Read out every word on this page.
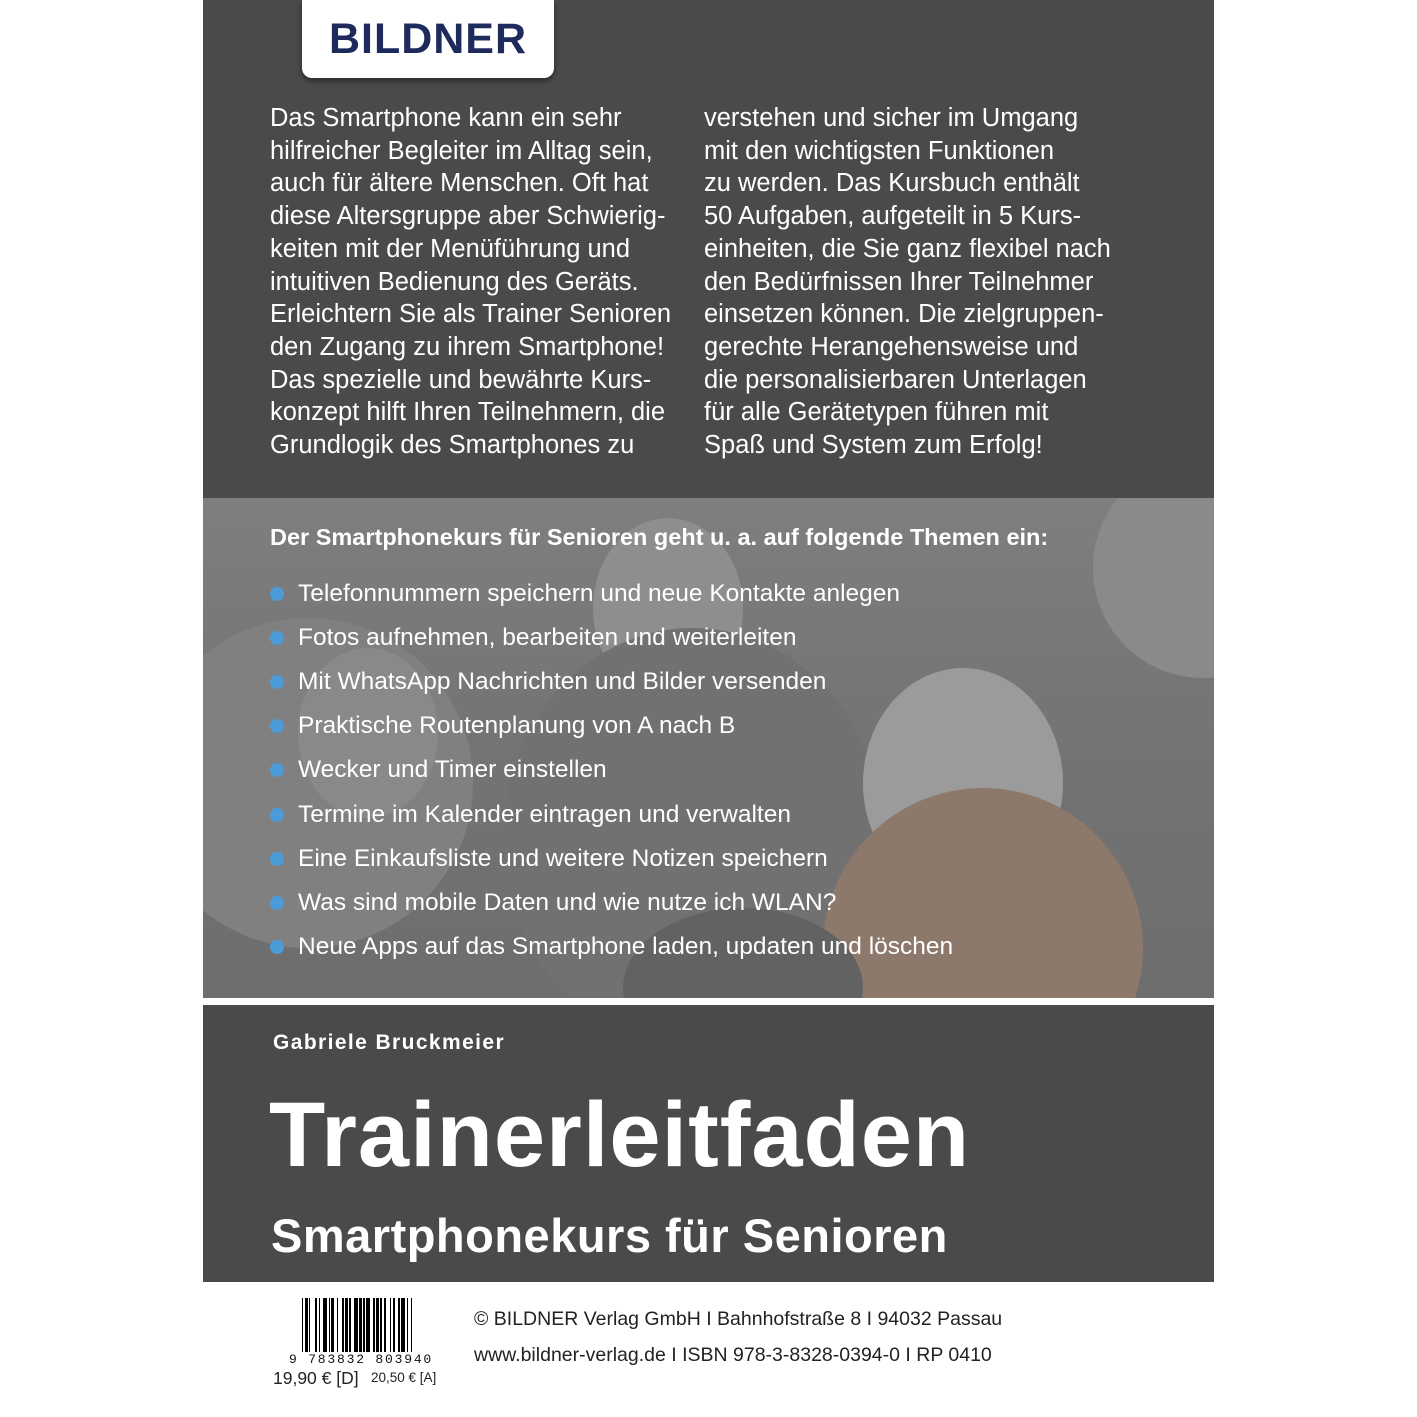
BILDNER
Das Smartphone kann ein sehr
hilfreicher Begleiter im Alltag sein,
auch für ältere Menschen. Oft hat
diese Altersgruppe aber Schwierig-
keiten mit der Menüführung und
intuitiven Bedienung des Geräts.
Erleichtern Sie als Trainer Senioren
den Zugang zu ihrem Smartphone!
Das spezielle und bewährte Kurs-
konzept hilft Ihren Teilnehmern, die
Grundlogik des Smartphones zu
verstehen und sicher im Umgang
mit den wichtigsten Funktionen
zu werden. Das Kursbuch enthält
50 Aufgaben, aufgeteilt in 5 Kurs-
einheiten, die Sie ganz flexibel nach
den Bedürfnissen Ihrer Teilnehmer
einsetzen können. Die zielgruppen-
gerechte Herangehensweise und
die personalisierbaren Unterlagen
für alle Gerätetypen führen mit
Spaß und System zum Erfolg!
Der Smartphonekurs für Senioren geht u. a. auf folgende Themen ein:
Telefonnummern speichern und neue Kontakte anlegen
Fotos aufnehmen, bearbeiten und weiterleiten
Mit WhatsApp Nachrichten und Bilder versenden
Praktische Routenplanung von A nach B
Wecker und Timer einstellen
Termine im Kalender eintragen und verwalten
Eine Einkaufsliste und weitere Notizen speichern
Was sind mobile Daten und wie nutze ich WLAN?
Neue Apps auf das Smartphone laden, updaten und löschen
Gabriele Bruckmeier
Trainerleitfaden
Smartphonekurs für Senioren
9 783832 803940
19,90 € [D] 20,50 € [A]
© BILDNER Verlag GmbH I Bahnhofstraße 8 I 94032 Passau
www.bildner-verlag.de I ISBN 978-3-8328-0394-0 I RP 0410
